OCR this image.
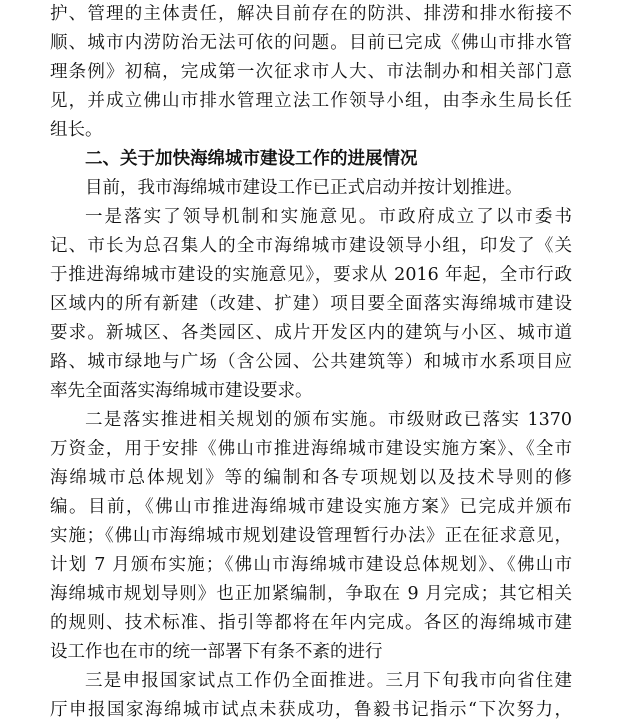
护、管理的主体责任，解决目前存在的防洪、排涝和排水衔接不
顺、城市内涝防治无法可依的问题。目前已完成《佛山市排水管
理条例》初稿，完成第一次征求市人大、市法制办和相关部门意
见，并成立佛山市排水管理立法工作领导小组，由李永生局长任
组长。
二、关于加快海绵城市建设工作的进展情况
目前，我市海绵城市建设工作已正式启动并按计划推进。
一是落实了领导机制和实施意见。市政府成立了以市委书
记、市长为总召集人的全市海绵城市建设领导小组，印发了《关
于推进海绵城市建设的实施意见》，要求从 2016 年起，全市行政
区域内的所有新建（改建、扩建）项目要全面落实海绵城市建设
要求。新城区、各类园区、成片开发区内的建筑与小区、城市道
路、城市绿地与广场（含公园、公共建筑等）和城市水系项目应
率先全面落实海绵城市建设要求。
二是落实推进相关规划的颁布实施。市级财政已落实 1370
万资金，用于安排《佛山市推进海绵城市建设实施方案》、《全市
海绵城市总体规划》等的编制和各专项规划以及技术导则的修
编。目前，《佛山市推进海绵城市建设实施方案》已完成并颁布
实施；《佛山市海绵城市规划建设管理暂行办法》正在征求意见，
计划 7 月颁布实施；《佛山市海绵城市建设总体规划》、《佛山市
海绵城市规划导则》也正加紧编制，争取在 9 月完成；其它相关
的规则、技术标准、指引等都将在年内完成。各区的海绵城市建
设工作也在市的统一部署下有条不紊的进行
三是申报国家试点工作仍全面推进。三月下旬我市向省住建
厅申报国家海绵城市试点未获成功，鲁毅书记指示“下次努力，
